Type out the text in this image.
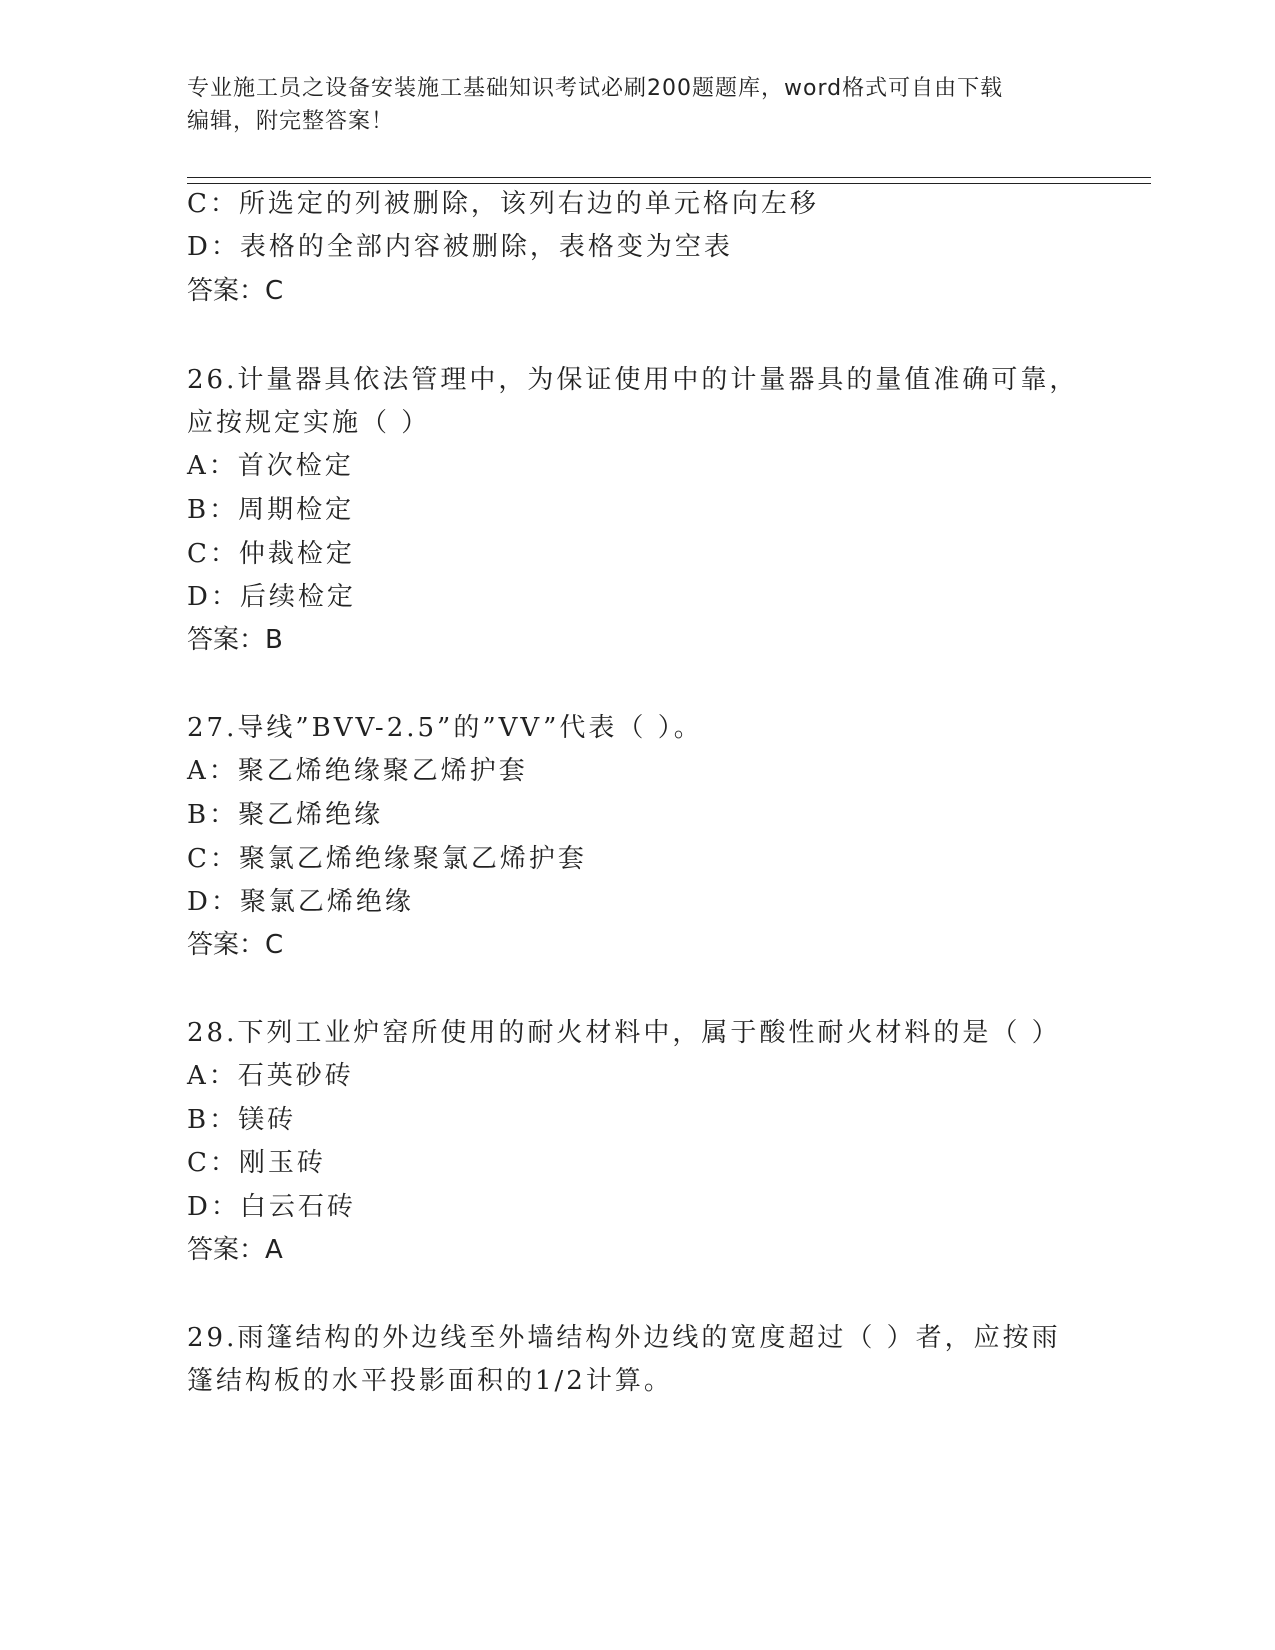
专业施工员之设备安装施工基础知识考试必刷200题题库，word格式可自由下载
编辑，附完整答案！
C：所选定的列被删除，该列右边的单元格向左移
D：表格的全部内容被删除，表格变为空表
答案：C
26.计量器具依法管理中，为保证使用中的计量器具的量值准确可靠，
应按规定实施（ ）
A：首次检定
B：周期检定
C：仲裁检定
D：后续检定
答案：B
27.导线”BVV-2.5”的”VV”代表（ ）。
A：聚乙烯绝缘聚乙烯护套
B：聚乙烯绝缘
C：聚氯乙烯绝缘聚氯乙烯护套
D：聚氯乙烯绝缘
答案：C
28.下列工业炉窑所使用的耐火材料中，属于酸性耐火材料的是（ ）
A：石英砂砖
B：镁砖
C：刚玉砖
D：白云石砖
答案：A
29.雨篷结构的外边线至外墙结构外边线的宽度超过（ ）者，应按雨
篷结构板的水平投影面积的1/2计算。
